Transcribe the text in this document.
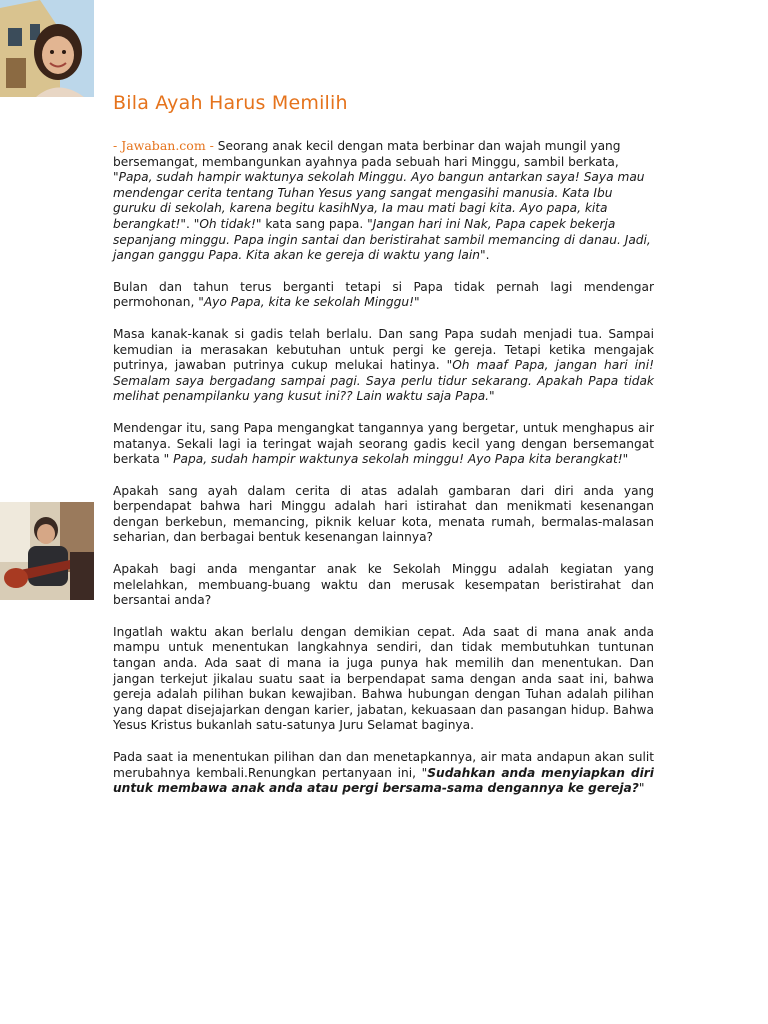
Bila Ayah Harus Memilih

- Jawaban.com - Seorang anak kecil dengan mata berbinar dan wajah mungil yang bersemangat, membangunkan ayahnya pada sebuah hari Minggu, sambil berkata, "Papa, sudah hampir waktunya sekolah Minggu. Ayo bangun antarkan saya! Saya mau mendengar cerita tentang Tuhan Yesus yang sangat mengasihi manusia. Kata Ibu guruku di sekolah, karena begitu kasihNya, Ia mau mati bagi kita. Ayo papa, kita berangkat!". "Oh tidak!" kata sang papa. "Jangan hari ini Nak, Papa capek bekerja sepanjang minggu. Papa ingin santai dan beristirahat sambil memancing di danau. Jadi, jangan ganggu Papa. Kita akan ke gereja di waktu yang lain".

Bulan dan tahun terus berganti tetapi si Papa tidak pernah lagi mendengar permohonan, "Ayo Papa, kita ke sekolah Minggu!"

Masa kanak-kanak si gadis telah berlalu. Dan sang Papa sudah menjadi tua. Sampai kemudian ia merasakan kebutuhan untuk pergi ke gereja. Tetapi ketika mengajak putrinya, jawaban putrinya cukup melukai hatinya. "Oh maaf Papa, jangan hari ini! Semalam saya bergadang sampai pagi. Saya perlu tidur sekarang. Apakah Papa tidak melihat penampilanku yang kusut ini?? Lain waktu saja Papa."

Mendengar itu, sang Papa mengangkat tangannya yang bergetar, untuk menghapus air matanya. Sekali lagi ia teringat wajah seorang gadis kecil yang dengan bersemangat berkata " Papa, sudah hampir waktunya sekolah minggu! Ayo Papa kita berangkat!"

Apakah sang ayah dalam cerita di atas adalah gambaran dari diri anda yang berpendapat bahwa hari Minggu adalah hari istirahat dan menikmati kesenangan dengan berkebun, memancing, piknik keluar kota, menata rumah, bermalas-malasan seharian, dan berbagai bentuk kesenangan lainnya?

Apakah bagi anda mengantar anak ke Sekolah Minggu adalah kegiatan yang melelahkan, membuang-buang waktu dan merusak kesempatan beristirahat dan bersantai anda?

Ingatlah waktu akan berlalu dengan demikian cepat. Ada saat di mana anak anda mampu untuk menentukan langkahnya sendiri, dan tidak membutuhkan tuntunan tangan anda. Ada saat di mana ia juga punya hak memilih dan menentukan. Dan jangan terkejut jikalau suatu saat ia berpendapat sama dengan anda saat ini, bahwa gereja adalah pilihan bukan kewajiban. Bahwa hubungan dengan Tuhan adalah pilihan yang dapat disejajarkan dengan karier, jabatan, kekuasaan dan pasangan hidup. Bahwa Yesus Kristus bukanlah satu-satunya Juru Selamat baginya.

Pada saat ia menentukan pilihan dan dan menetapkannya, air mata andapun akan sulit merubahnya kembali.Renungkan pertanyaan ini, "Sudahkan anda menyiapkan diri untuk membawa anak anda atau pergi bersama-sama dengannya ke gereja?"
